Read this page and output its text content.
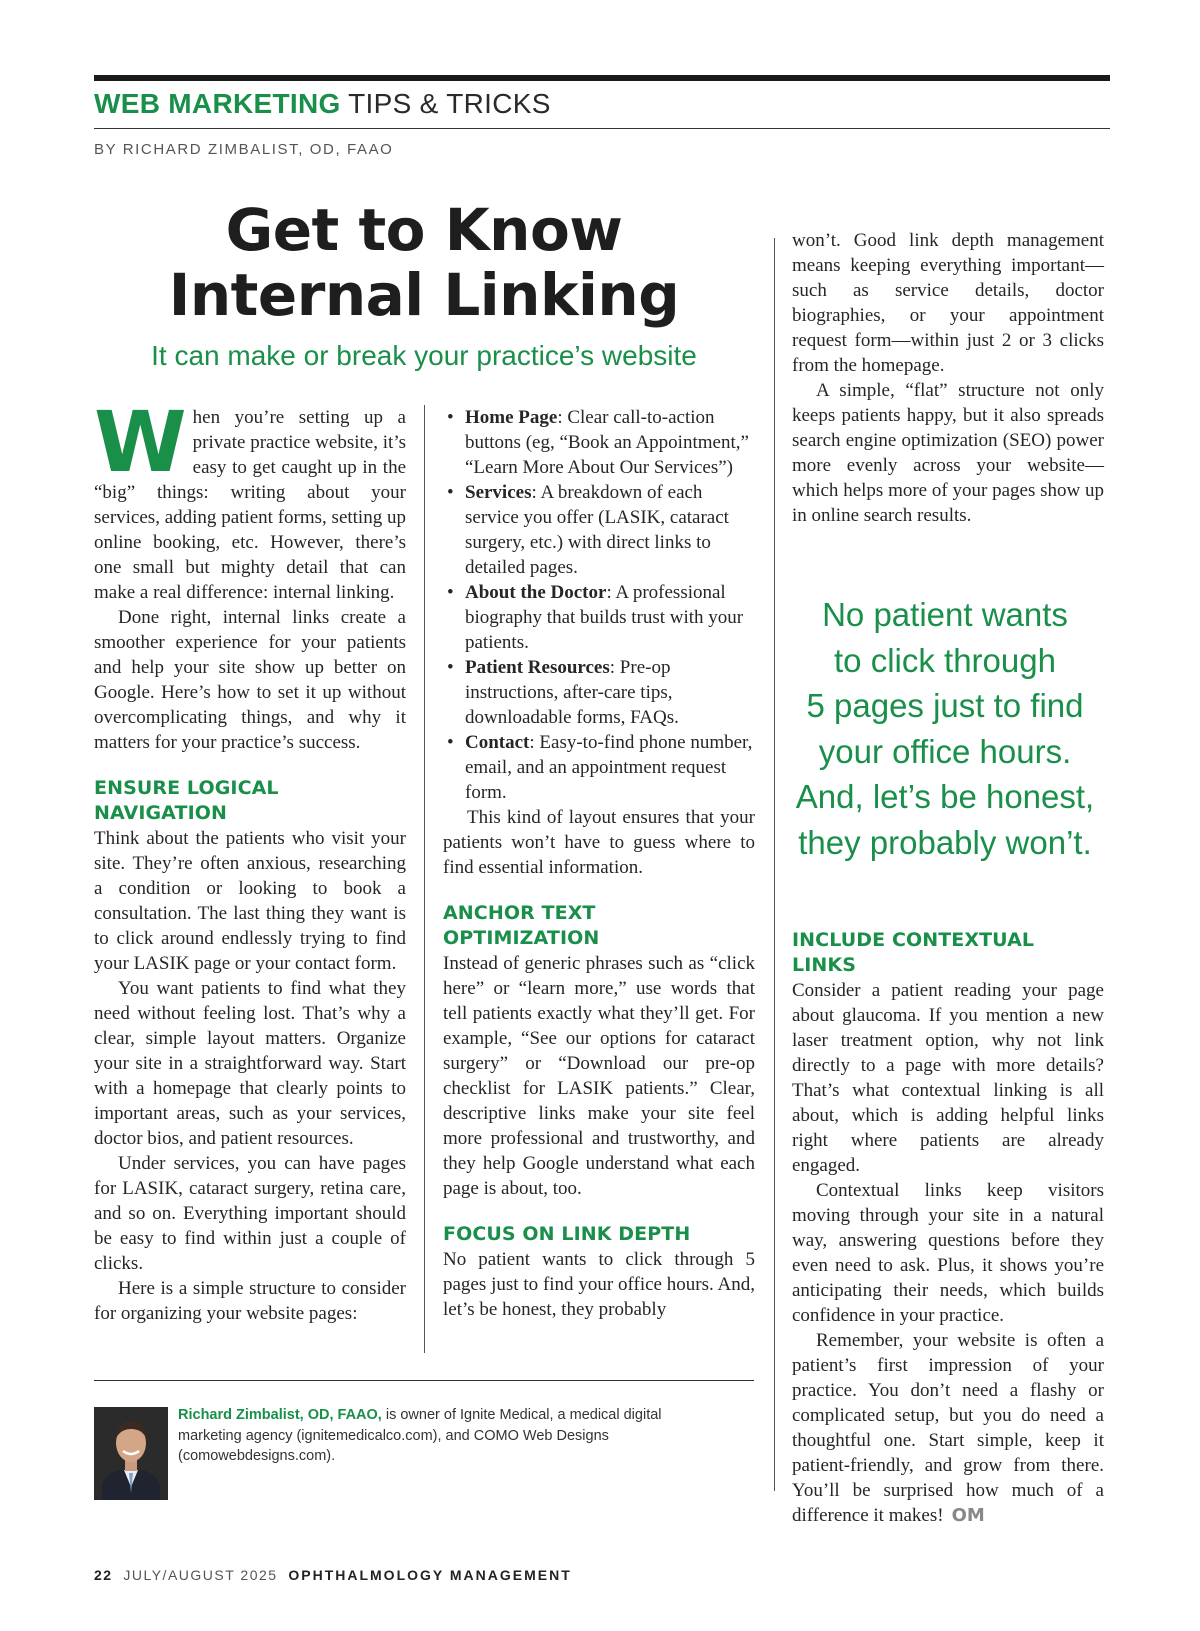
WEB MARKETING TIPS & TRICKS
BY RICHARD ZIMBALIST, OD, FAAO
Get to Know
Internal Linking
It can make or break your practice’s website

When you’re setting up a private practice website, it’s easy to get caught up in the “big” things: writing about your services, adding patient forms, setting up online booking, etc. However, there’s one small but mighty detail that can make a real difference: internal linking.

Done right, internal links create a smoother experience for your patients and help your site show up better on Google. Here’s how to set it up without overcomplicating things, and why it matters for your practice’s success.

ENSURE LOGICAL NAVIGATION

Think about the patients who visit your site. They’re often anxious, researching a condition or looking to book a consultation. The last thing they want is to click around endlessly trying to find your LASIK page or your contact form.

You want patients to find what they need without feeling lost. That’s why a clear, simple layout matters. Organize your site in a straightforward way. Start with a homepage that clearly points to important areas, such as your services, doctor bios, and patient resources.

Under services, you can have pages for LASIK, cataract surgery, retina care, and so on. Everything important should be easy to find within just a couple of clicks.

Here is a simple structure to consider for organizing your website pages:

• Home Page: Clear call-to-action buttons (eg, “Book an Appointment,” “Learn More About Our Services”)
• Services: A breakdown of each service you offer (LASIK, cataract surgery, etc.) with direct links to detailed pages.
• About the Doctor: A professional biography that builds trust with your patients.
• Patient Resources: Pre-op instructions, after-care tips, downloadable forms, FAQs.
• Contact: Easy-to-find phone number, email, and an appointment request form.

This kind of layout ensures that your patients won’t have to guess where to find essential information.

ANCHOR TEXT OPTIMIZATION

Instead of generic phrases such as “click here” or “learn more,” use words that tell patients exactly what they’ll get. For example, “See our options for cataract surgery” or “Download our pre-op checklist for LASIK patients.” Clear, descriptive links make your site feel more professional and trustworthy, and they help Google understand what each page is about, too.

FOCUS ON LINK DEPTH

No patient wants to click through 5 pages just to find your office hours. And, let’s be honest, they probably

won’t. Good link depth management means keeping everything important—such as service details, doctor biographies, or your appointment request form—within just 2 or 3 clicks from the homepage.

A simple, “flat” structure not only keeps patients happy, but it also spreads search engine optimization (SEO) power more evenly across your website—which helps more of your pages show up in online search results.

INCLUDE CONTEXTUAL LINKS

Consider a patient reading your page about glaucoma. If you mention a new laser treatment option, why not link directly to a page with more details? That’s what contextual linking is all about, which is adding helpful links right where patients are already engaged.

Contextual links keep visitors moving through your site in a natural way, answering questions before they even need to ask. Plus, it shows you’re anticipating their needs, which builds confidence in your practice.

Remember, your website is often a patient’s first impression of your practice. You don’t need a flashy or complicated setup, but you do need a thoughtful one. Start simple, keep it patient-friendly, and grow from there. You’ll be surprised how much of a difference it makes! OM

No patient wants
to click through
5 pages just to find
your office hours.
And, let’s be honest,
they probably won’t.
Richard Zimbalist, OD, FAAO, is owner of Ignite Medical, a medical digital marketing agency (ignitemedicalco.com), and COMO Web Designs (comowebdesigns.com).
22 JULY/AUGUST 2025 OPHTHALMOLOGY MANAGEMENT
